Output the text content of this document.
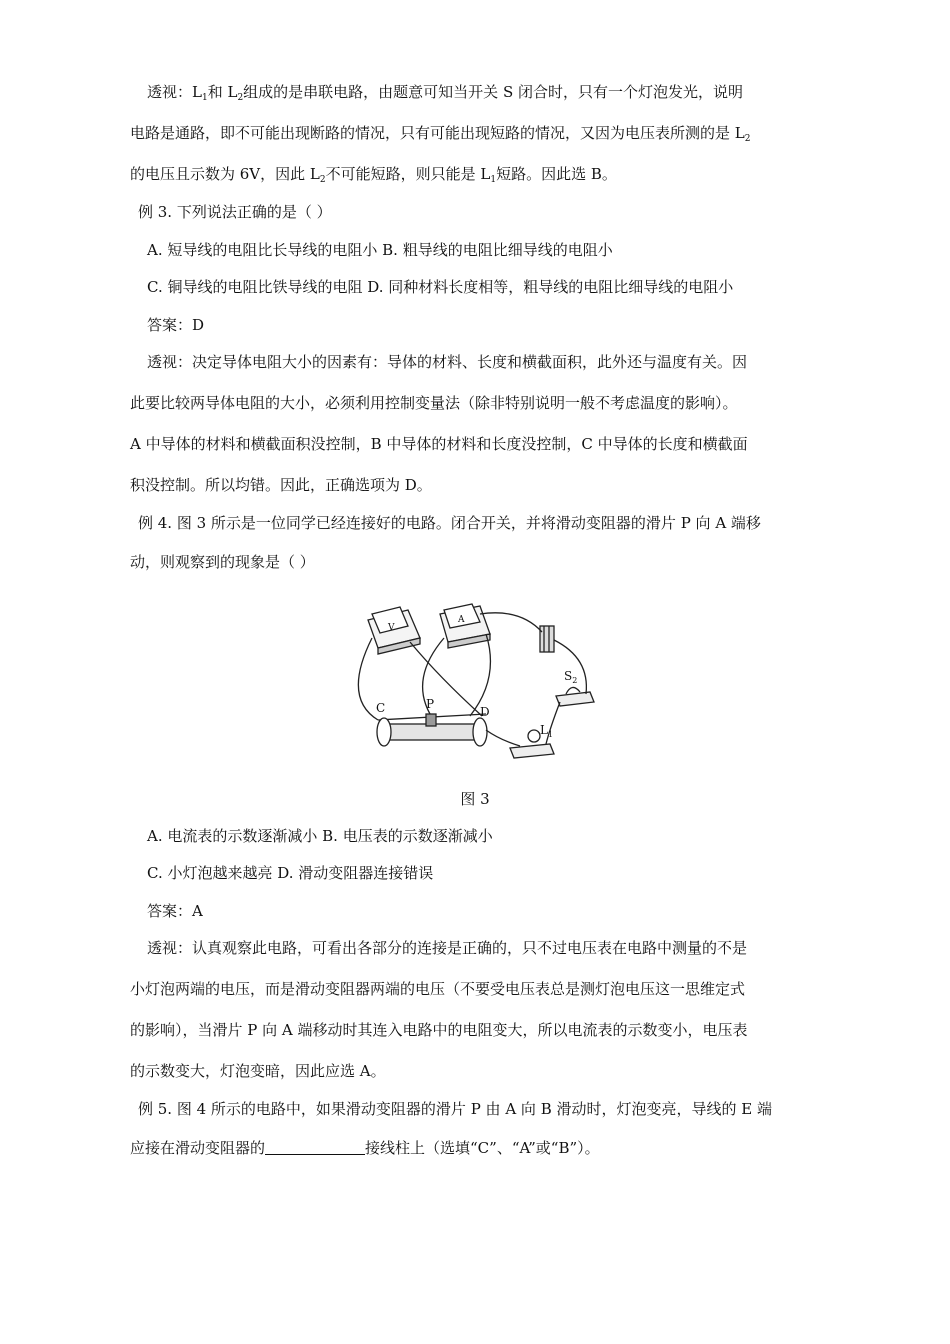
透视：$L_1$和 $L_2$组成的是串联电路，由题意可知当开关 S 闭合时，只有一个灯泡发光，说明
电路是通路，即不可能出现断路的情况，只有可能出现短路的情况，又因为电压表所测的是 $L_2$
的电压且示数为 6V，因此 $L_2$不可能短路，则只能是 $L_1$短路。因此选 B。
例 3. 下列说法正确的是（ ）
A. 短导线的电阻比长导线的电阻小 B. 粗导线的电阻比细导线的电阻小
C. 铜导线的电阻比铁导线的电阻 D. 同种材料长度相等，粗导线的电阻比细导线的电阻小
答案：D
透视：决定导体电阻大小的因素有：导体的材料、长度和横截面积，此外还与温度有关。因
此要比较两导体电阻的大小，必须利用控制变量法（除非特别说明一般不考虑温度的影响）。
A 中导体的材料和横截面积没控制，B 中导体的材料和长度没控制，C 中导体的长度和横截面
积没控制。所以均错。因此，正确选项为 D。
例 4. 图 3 所示是一位同学已经连接好的电路。闭合开关，并将滑动变阻器的滑片 P 向 A 端移
动，则观察到的现象是（ ）
V
A
C	P
D
$S_2$
$L_1$
图 3
A. 电流表的示数逐渐减小 B. 电压表的示数逐渐减小
C. 小灯泡越来越亮 D. 滑动变阻器连接错误
答案：A
透视：认真观察此电路，可看出各部分的连接是正确的，只不过电压表在电路中测量的不是
小灯泡两端的电压，而是滑动变阻器两端的电压（不要受电压表总是测灯泡电压这一思维定式
的影响），当滑片 P 向 A 端移动时其连入电路中的电阻变大，所以电流表的示数变小，电压表
的示数变大，灯泡变暗，因此应选 A。
例 5. 图 4 所示的电路中，如果滑动变阻器的滑片 P 由 A 向 B 滑动时，灯泡变亮，导线的 E 端
应接在滑动变阻器的	接线柱上（选填“C”、“A”或“B”）。
